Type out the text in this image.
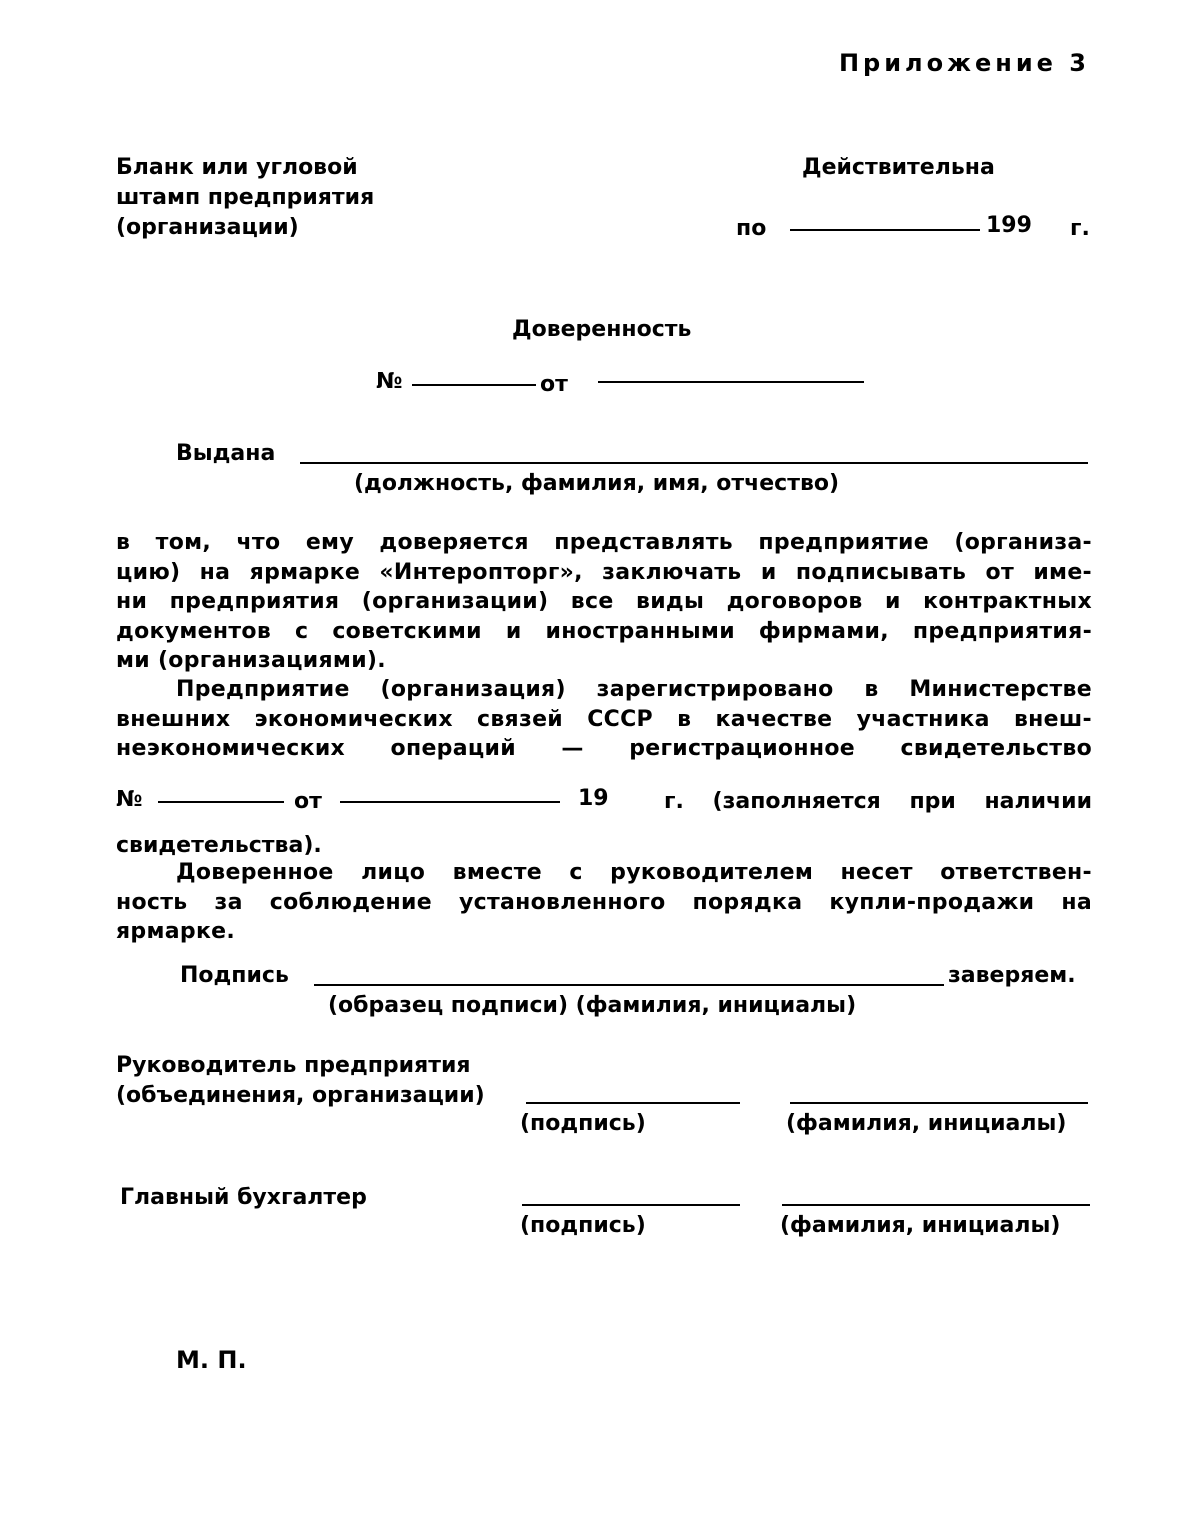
Приложение 3
Бланк или угловой
штамп предприятия
(организации)
Действительна
по	199 г.
Доверенность
№	от
Выдана
(должность, фамилия, имя, отчество)
в том, что ему доверяется представлять предприятие (организа-
цию) на ярмарке «Интеропторг», заключать и подписывать от име-
ни предприятия (организации) все виды договоров и контрактных
документов с советскими и иностранными фирмами, предприятия-
ми (организациями).
Предприятие (организация) зарегистрировано в Министерстве
внешних экономических связей СССР в качестве участника внеш-
неэкономических операций — регистрационное свидетельство
№	от	19	г. (заполняется при наличии
свидетельства).
Доверенное лицо вместе с руководителем несет ответствен-
ность за соблюдение установленного порядка купли-продажи на
ярмарке.
Подпись	заверяем.
(образец подписи) (фамилия, инициалы)
Руководитель предприятия
(объединения, организации)
(подпись)	(фамилия, инициалы)
Главный бухгалтер
(подпись)	(фамилия, инициалы)
М. П.
